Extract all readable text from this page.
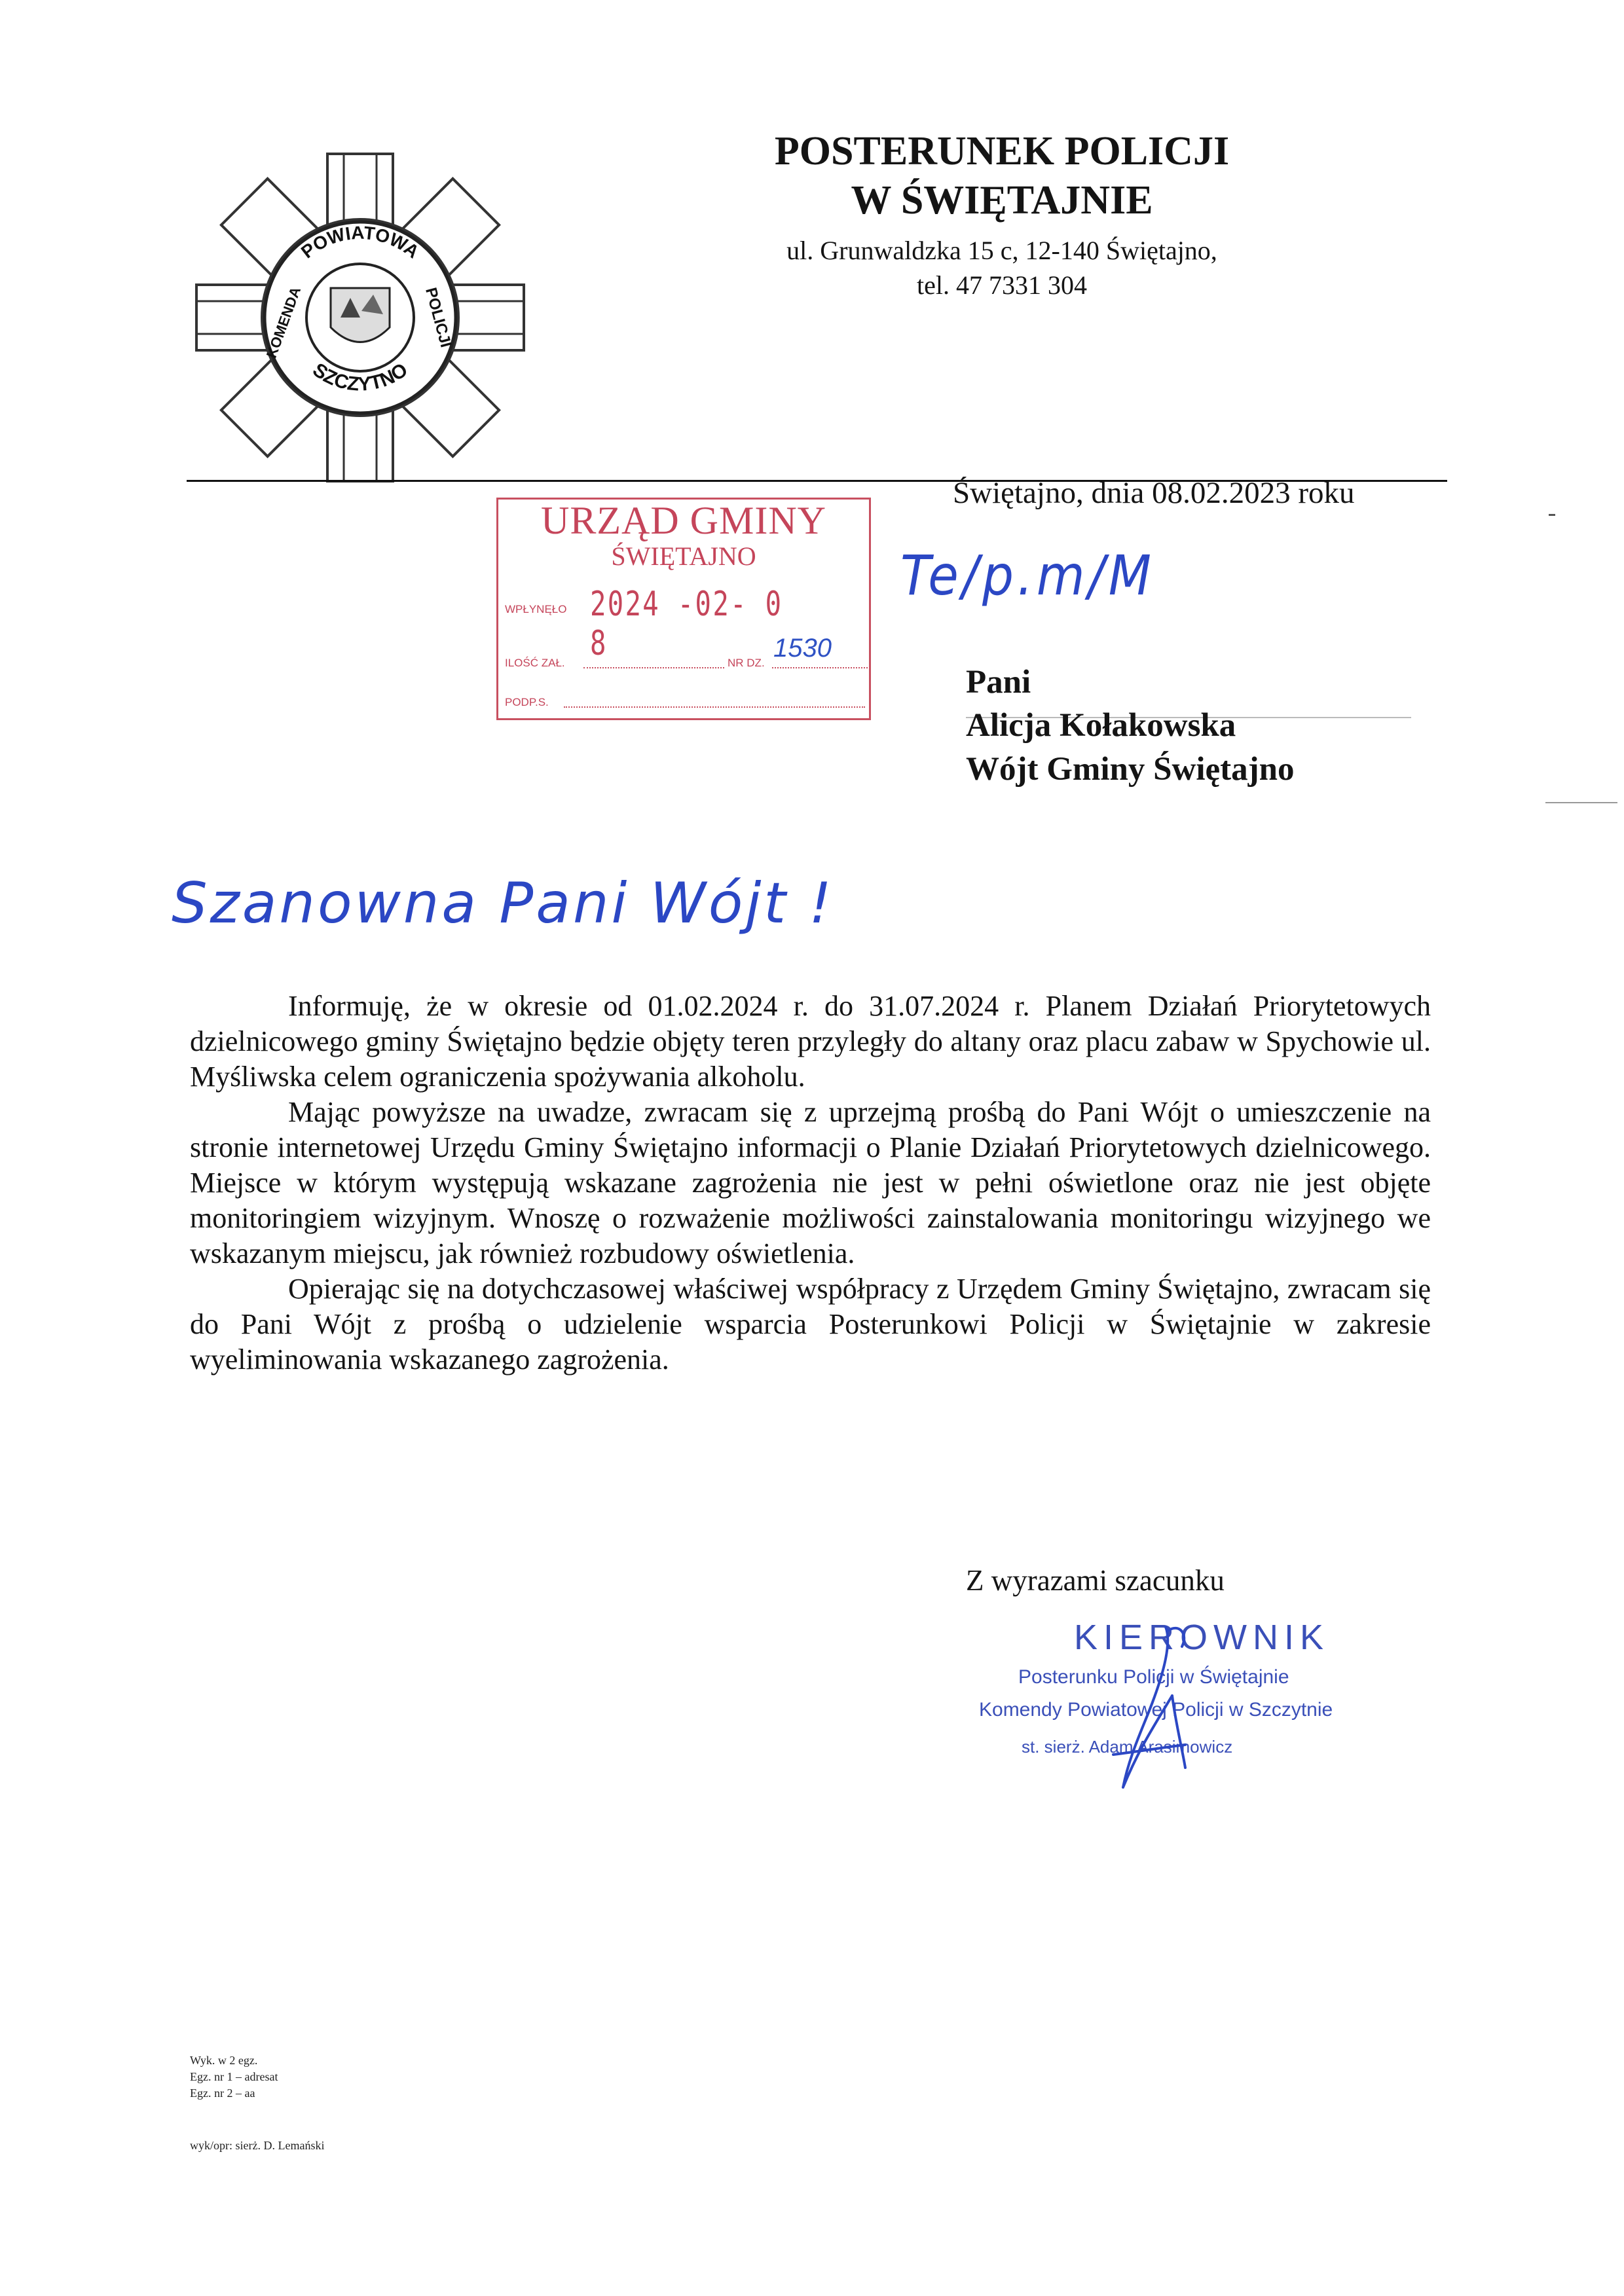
POWIATOWA
SZCZYTNO
KOMENDA	POLICJI
POSTERUNEK POLICJI
W ŚWIĘTAJNIE
ul. Grunwaldzka 15 c, 12-140 Świętajno,
tel. 47 7331 304
Świętajno, dnia 08.02.2023 roku
URZĄD GMINY
ŚWIĘTAJNO
WPŁYNĘŁO 2024 -02- 0 8
ILOŚĆ ZAŁ.	NR DZ.
1530
PODP.S.
Te/p.m/M
Pani
Alicja Kołakowska
Wójt Gminy Świętajno
Szanowna Pani Wójt !

Informuję, że w okresie od 01.02.2024 r. do 31.07.2024 r. Planem Działań Priorytetowych dzielnicowego gminy Świętajno będzie objęty teren przyległy do altany oraz placu zabaw w Spychowie ul. Myśliwska celem ograniczenia spożywania alkoholu.

Mając powyższe na uwadze, zwracam się z uprzejmą prośbą do Pani Wójt o umieszczenie na stronie internetowej Urzędu Gminy Świętajno informacji o Planie Działań Priorytetowych dzielnicowego. Miejsce w którym występują wskazane zagrożenia nie jest w pełni oświetlone oraz nie jest objęte monitoringiem wizyjnym. Wnoszę o rozważenie możliwości zainstalowania monitoringu wizyjnego we wskazanym miejscu, jak również rozbudowy oświetlenia.

Opierając się na dotychczasowej właściwej współpracy z Urzędem Gminy Świętajno, zwracam się do Pani Wójt z prośbą o udzielenie wsparcia Posterunkowi Policji w Świętajnie w zakresie wyeliminowania wskazanego zagrożenia.

Z wyrazami szacunku
KIEROWNIK
Posterunku Policji w Świętajnie
Komendy Powiatowej Policji w Szczytnie
st. sierż. Adam Arasimowicz
Wyk. w 2 egz.
Egz. nr 1 – adresat
Egz. nr 2 – aa
wyk/opr: sierż. D. Lemański
